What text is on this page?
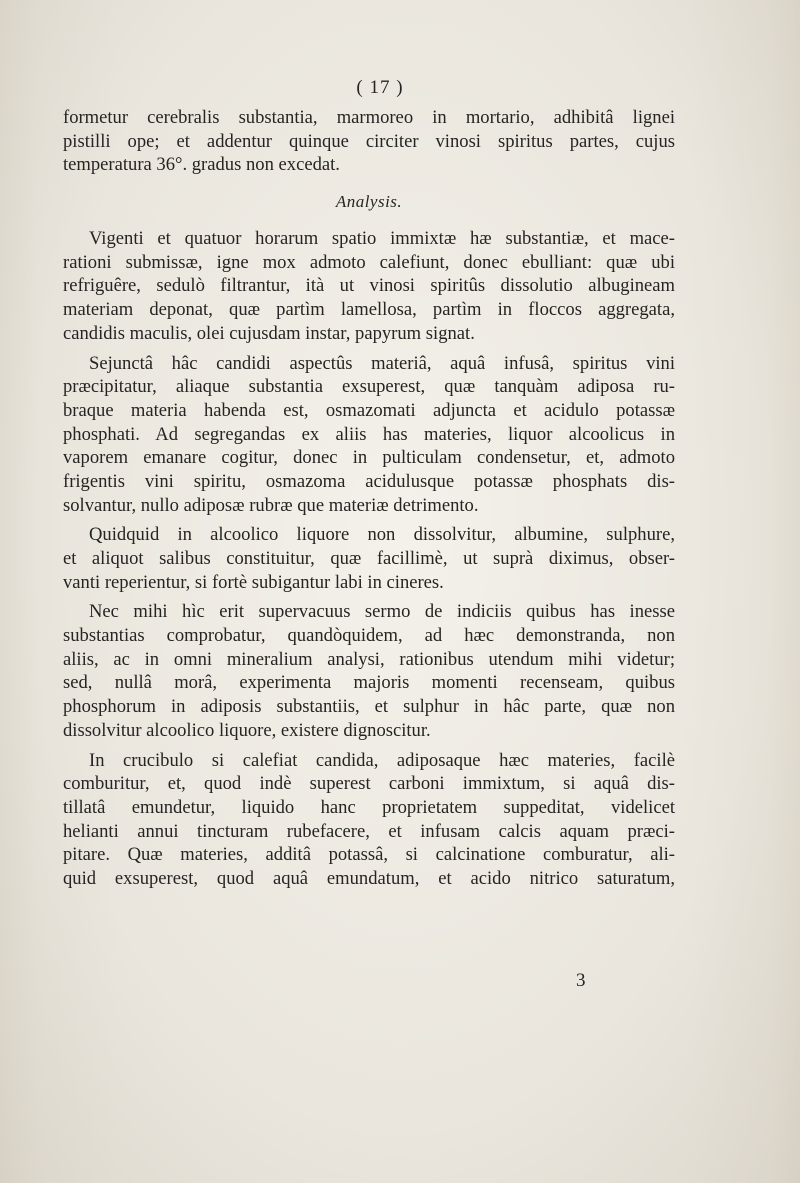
( 17 )
formetur cerebralis substantia, marmoreo in mortario, adhibitâ lignei
pistilli ope; et addentur quinque circiter vinosi spiritus partes, cujus
temperatura 36°. gradus non excedat.
Analysis.
Vigenti et quatuor horarum spatio immixtæ hæ substantiæ, et mace-
rationi submissæ, igne mox admoto calefiunt, donec ebulliant: quæ ubi
refriguêre, sedulò filtrantur, ità ut vinosi spiritûs dissolutio albugineam
materiam deponat, quæ partìm lamellosa, partìm in floccos aggregata,
candidis maculis, olei cujusdam instar, papyrum signat.
Sejunctâ hâc candidi aspectûs materiâ, aquâ infusâ, spiritus vini
præcipitatur, aliaque substantia exsuperest, quæ tanquàm adiposa ru-
braque materia habenda est, osmazomati adjuncta et acidulo potassæ
phosphati. Ad segregandas ex aliis has materies, liquor alcoolicus in
vaporem emanare cogitur, donec in pulticulam condensetur, et, admoto
frigentis vini spiritu, osmazoma acidulusque potassæ phosphats dis-
solvantur, nullo adiposæ rubræ que materiæ detrimento.
Quidquid in alcoolico liquore non dissolvitur, albumine, sulphure,
et aliquot salibus constituitur, quæ facillimè, ut suprà diximus, obser-
vanti reperientur, si fortè subigantur labi in cineres.
Nec mihi hìc erit supervacuus sermo de indiciis quibus has inesse
substantias comprobatur, quandòquidem, ad hæc demonstranda, non
aliis, ac in omni mineralium analysi, rationibus utendum mihi videtur;
sed, nullâ morâ, experimenta majoris momenti recenseam, quibus
phosphorum in adiposis substantiis, et sulphur in hâc parte, quæ non
dissolvitur alcoolico liquore, existere dignoscitur.
In crucibulo si calefiat candida, adiposaque hæc materies, facilè
comburitur, et, quod indè superest carboni immixtum, si aquâ dis-
tillatâ emundetur, liquido hanc proprietatem suppeditat, videlicet
helianti annui tincturam rubefacere, et infusam calcis aquam præci-
pitare. Quæ materies, additâ potassâ, si calcinatione comburatur, ali-
quid exsuperest, quod aquâ emundatum, et acido nitrico saturatum,
3
